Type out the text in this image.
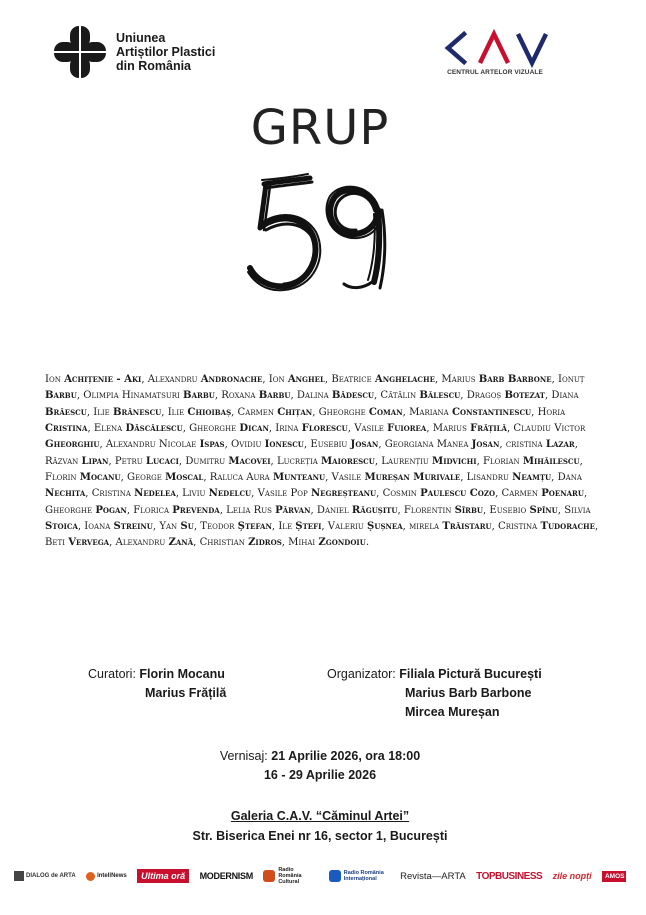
Uniunea
Artiștilor Plastici
din România	CENTRUL ARTELOR VIZUALE
GRUP
Ion Achițenie - Aki, Alexandru Andronache, Ion Anghel, Beatrice Anghelache, Marius Barb Barbone, Ionuț Barbu, Olimpia Hinamatsuri Barbu, Roxana Barbu, Dalina Bădescu, Cătălin Bălescu, Dragoș Botezat, Diana Brăescu, Ilie Brănescu, Ilie Chioibaș, Carmen Chițan, Gheorghe Coman, Mariana Constantinescu, Horia Cristina, Elena Dăscălescu, Gheorghe Dican, Irina Florescu, Vasile Fuiorea, Marius Frățilă, Claudiu Victor Gheorghiu, Alexandru Nicolae Ispas, Ovidiu Ionescu, Eusebiu Josan, Georgiana Manea Josan, cristina Lazar, Răzvan Lipan, Petru Lucaci, Dumitru Macovei, Lucreția Maiorescu, Laurențiu Midvichi, Florian Mihăilescu, Florin Mocanu, George Moscal, Raluca Aura Munteanu, Vasile Mureșan Murivale, Lisandru Neamțu, Dana Nechita, Cristina Nedelea, Liviu Nedelcu, Vasile Pop Negreșteanu, Cosmin Paulescu Cozo, Carmen Poenaru, Gheorghe Pogan, Florica Prevenda, Lelia Rus Pârvan, Daniel Răgușitu, Florentin Sîrbu, Eusebio Spînu, Silvia Stoica, Ioana Streinu, Yan Su, Teodor Ștefan, Ile Ștefi, Valeriu Șușnea, mirela Trăistaru, Cristina Tudorache, Beti Vervega, Alexandru Zană, Christian Zidros, Mihai Zgondoiu.
Curatori: Florin Mocanu
Marius Frățilă
Organizator: Filiala Pictură București
Marius Barb Barbone
Mircea Mureșan
Vernisaj: 21 Aprilie 2026, ora 18:00
16 - 29 Aprilie 2026
Galeria C.A.V. “Căminul Artei”
Str. Biserica Enei nr 16, sector 1, București
DIALOG de ARTA	IntellNews Ultima oră MODERNISM
Radio România Cultural
Radio România Internațional	Revista—ARTA TOPBUSINESS zile nopți	AMOS NEWS
